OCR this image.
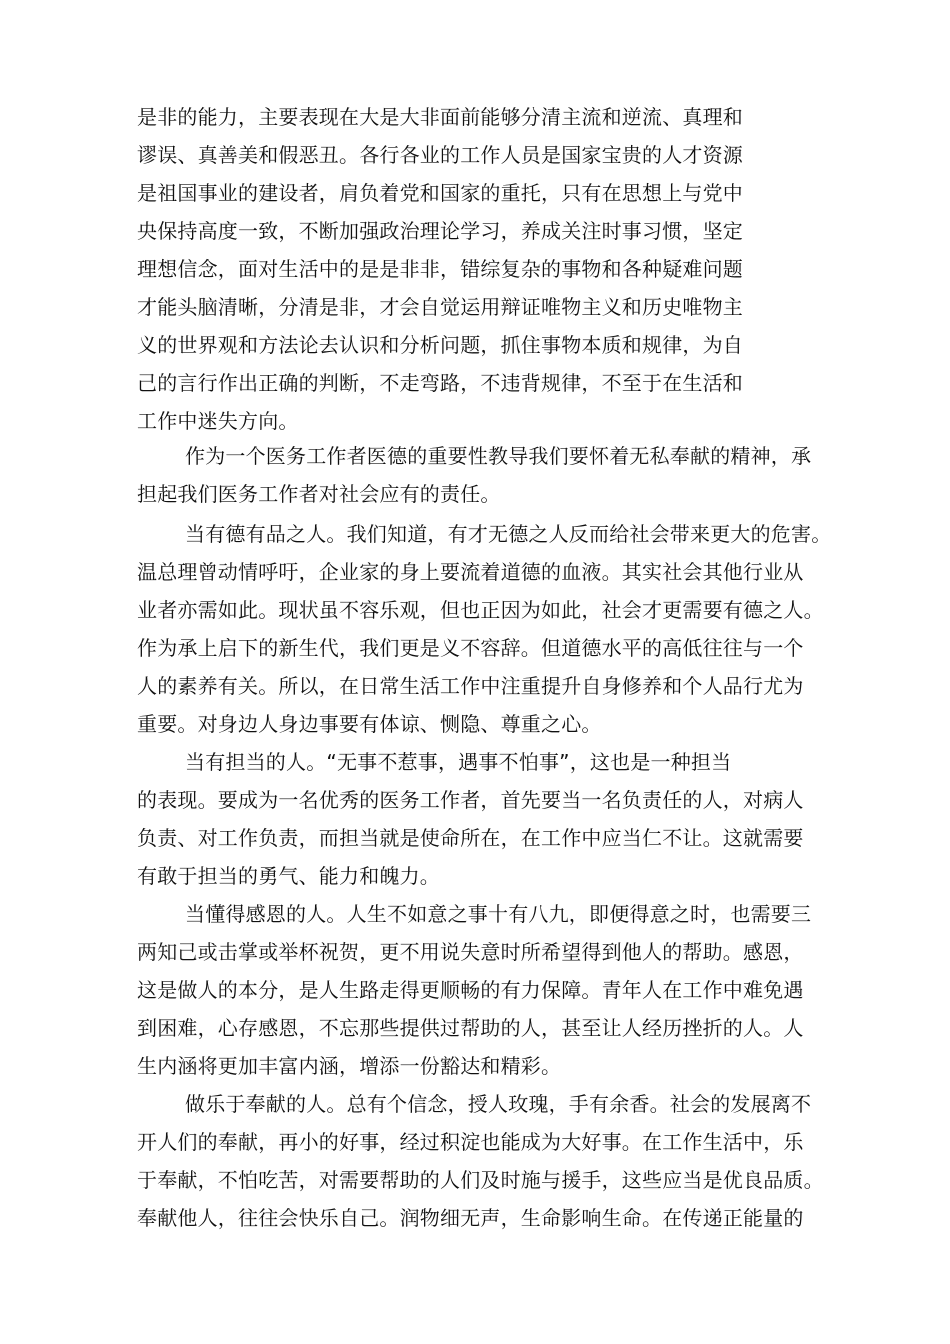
是非的能力，主要表现在大是大非面前能够分清主流和逆流、真理和
谬误、真善美和假恶丑。各行各业的工作人员是国家宝贵的人才资源
是祖国事业的建设者，肩负着党和国家的重托，只有在思想上与党中
央保持高度一致，不断加强政治理论学习，养成关注时事习惯，坚定
理想信念，面对生活中的是是非非，错综复杂的事物和各种疑难问题
才能头脑清晰，分清是非，才会自觉运用辩证唯物主义和历史唯物主
义的世界观和方法论去认识和分析问题，抓住事物本质和规律，为自
己的言行作出正确的判断，不走弯路，不违背规律，不至于在生活和
工作中迷失方向。
作为一个医务工作者医德的重要性教导我们要怀着无私奉献的精神，承
担起我们医务工作者对社会应有的责任。
当有德有品之人。我们知道，有才无德之人反而给社会带来更大的危害。
温总理曾动情呼吁，企业家的身上要流着道德的血液。其实社会其他行业从
业者亦需如此。现状虽不容乐观，但也正因为如此，社会才更需要有德之人。
作为承上启下的新生代，我们更是义不容辞。但道德水平的高低往往与一个
人的素养有关。所以，在日常生活工作中注重提升自身修养和个人品行尤为
重要。对身边人身边事要有体谅、恻隐、尊重之心。
当有担当的人。“无事不惹事，遇事不怕事”，这也是一种担当
的表现。要成为一名优秀的医务工作者，首先要当一名负责任的人，对病人
负责、对工作负责，而担当就是使命所在，在工作中应当仁不让。这就需要
有敢于担当的勇气、能力和魄力。
当懂得感恩的人。人生不如意之事十有八九，即便得意之时，也需要三
两知己或击掌或举杯祝贺，更不用说失意时所希望得到他人的帮助。感恩，
这是做人的本分，是人生路走得更顺畅的有力保障。青年人在工作中难免遇
到困难，心存感恩，不忘那些提供过帮助的人，甚至让人经历挫折的人。人
生内涵将更加丰富内涵，增添一份豁达和精彩。
做乐于奉献的人。总有个信念，授人玫瑰，手有余香。社会的发展离不
开人们的奉献，再小的好事，经过积淀也能成为大好事。在工作生活中，乐
于奉献，不怕吃苦，对需要帮助的人们及时施与援手，这些应当是优良品质。
奉献他人，往往会快乐自己。润物细无声，生命影响生命。在传递正能量的
